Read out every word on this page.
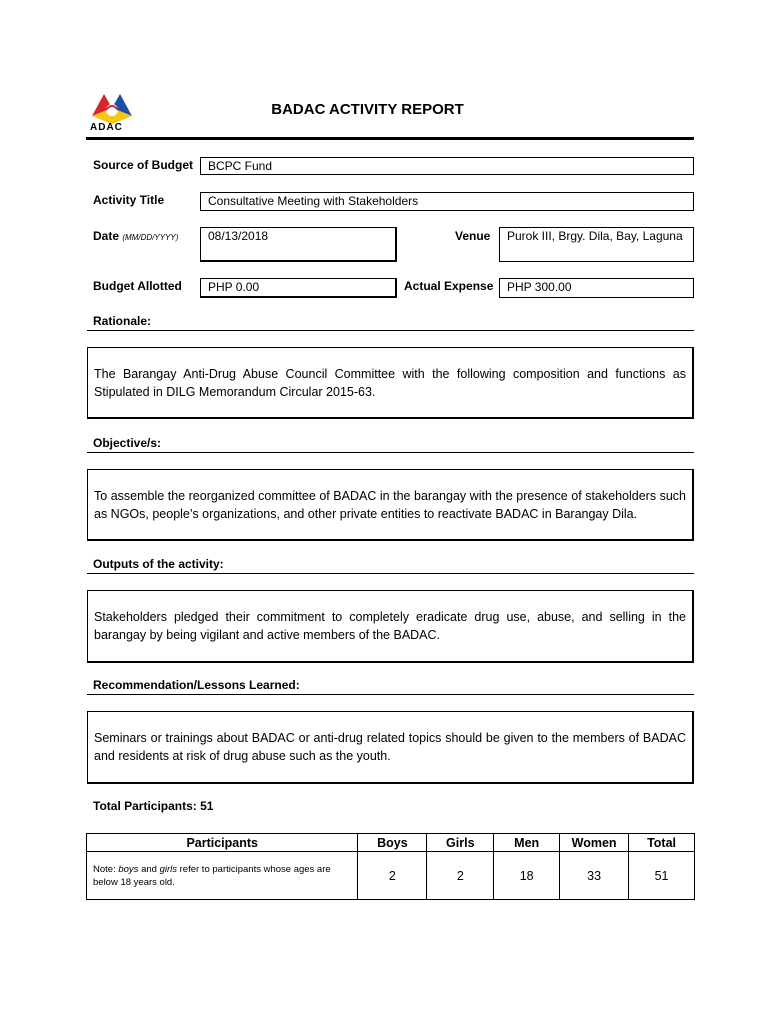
ADAC
BADAC ACTIVITY REPORT
Source of Budget	BCPC Fund
Activity Title	Consultative Meeting with Stakeholders
Date (MM/DD/YYYY)	08/13/2018	Venue	Purok III, Brgy. Dila, Bay, Laguna
Budget Allotted	PHP 0.00	Actual Expense	PHP 300.00
Rationale:

The Barangay Anti-Drug Abuse Council Committee with the following composition and functions as Stipulated in DILG Memorandum Circular 2015-63.

Objective/s:

To assemble the reorganized committee of BADAC in the barangay with the presence of stakeholders such as NGOs, people’s organizations, and other private entities to reactivate BADAC in Barangay Dila.

Outputs of the activity:

Stakeholders pledged their commitment to completely eradicate drug use, abuse, and selling in the barangay by being vigilant and active members of the BADAC.

Recommendation/Lessons Learned:

Seminars or trainings about BADAC or anti-drug related topics should be given to the members of BADAC and residents at risk of drug abuse such as the youth.

Total Participants: 51
Participants	Boys	Girls	Men	Women	Total
Note: boys and girls refer to participants whose ages are below 18 years old.	2	2	18	33	51
